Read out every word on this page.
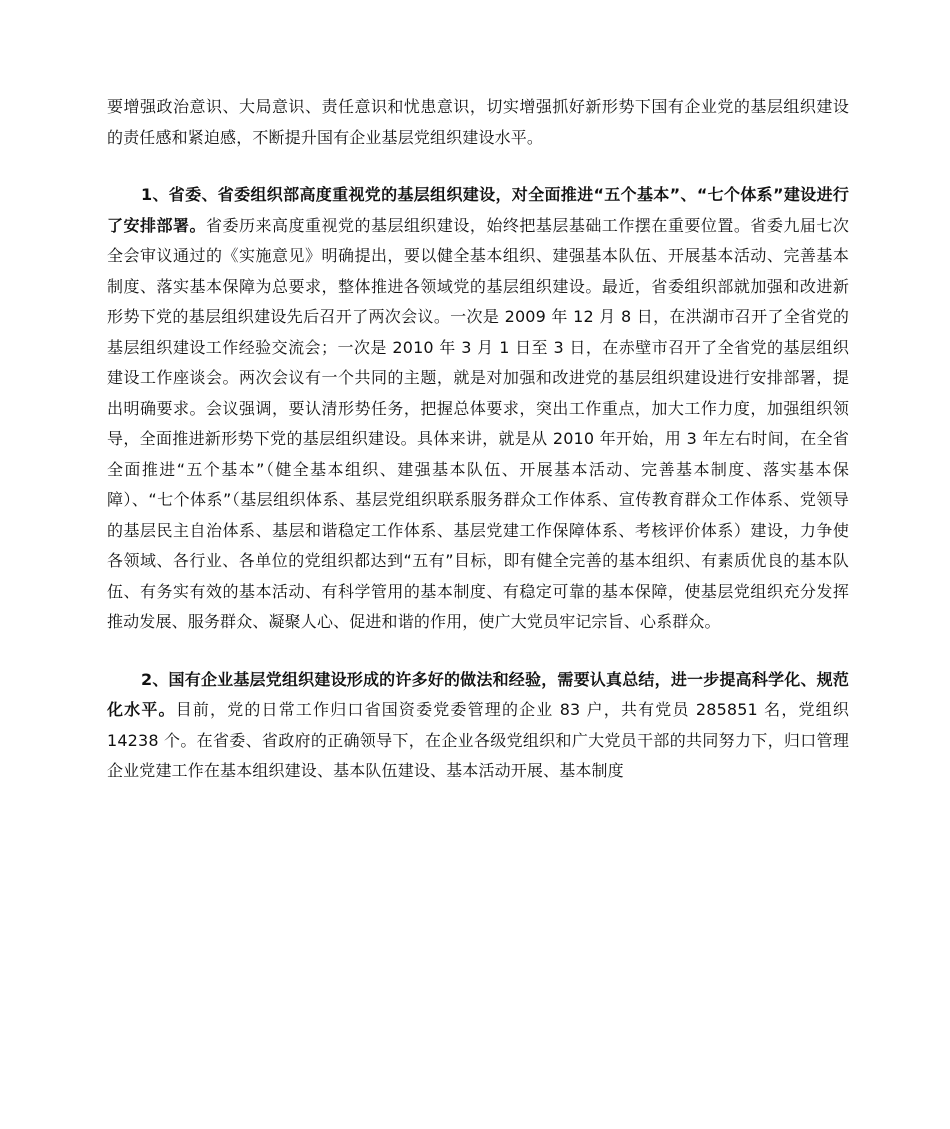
要增强政治意识、大局意识、责任意识和忧患意识，切实增强抓好新形势下国有企业党的基层组织建设的责任感和紧迫感，不断提升国有企业基层党组织建设水平。

1、省委、省委组织部高度重视党的基层组织建设，对全面推进“五个基本”、“七个体系”建设进行了安排部署。省委历来高度重视党的基层组织建设，始终把基层基础工作摆在重要位置。省委九届七次全会审议通过的《实施意见》明确提出，要以健全基本组织、建强基本队伍、开展基本活动、完善基本制度、落实基本保障为总要求，整体推进各领域党的基层组织建设。最近，省委组织部就加强和改进新形势下党的基层组织建设先后召开了两次会议。一次是 2009 年 12 月 8 日，在洪湖市召开了全省党的基层组织建设工作经验交流会；一次是 2010 年 3 月 1 日至 3 日，在赤壁市召开了全省党的基层组织建设工作座谈会。两次会议有一个共同的主题，就是对加强和改进党的基层组织建设进行安排部署，提出明确要求。会议强调，要认清形势任务，把握总体要求，突出工作重点，加大工作力度，加强组织领导，全面推进新形势下党的基层组织建设。具体来讲，就是从 2010 年开始，用 3 年左右时间，在全省全面推进“五个基本”（健全基本组织、建强基本队伍、开展基本活动、完善基本制度、落实基本保障）、“七个体系”（基层组织体系、基层党组织联系服务群众工作体系、宣传教育群众工作体系、党领导的基层民主自治体系、基层和谐稳定工作体系、基层党建工作保障体系、考核评价体系）建设，力争使各领域、各行业、各单位的党组织都达到“五有”目标，即有健全完善的基本组织、有素质优良的基本队伍、有务实有效的基本活动、有科学管用的基本制度、有稳定可靠的基本保障，使基层党组织充分发挥推动发展、服务群众、凝聚人心、促进和谐的作用，使广大党员牢记宗旨、心系群众。

2、国有企业基层党组织建设形成的许多好的做法和经验，需要认真总结，进一步提高科学化、规范化水平。目前，党的日常工作归口省国资委党委管理的企业 83 户，共有党员 285851 名，党组织 14238 个。在省委、省政府的正确领导下，在企业各级党组织和广大党员干部的共同努力下，归口管理企业党建工作在基本组织建设、基本队伍建设、基本活动开展、基本制度
